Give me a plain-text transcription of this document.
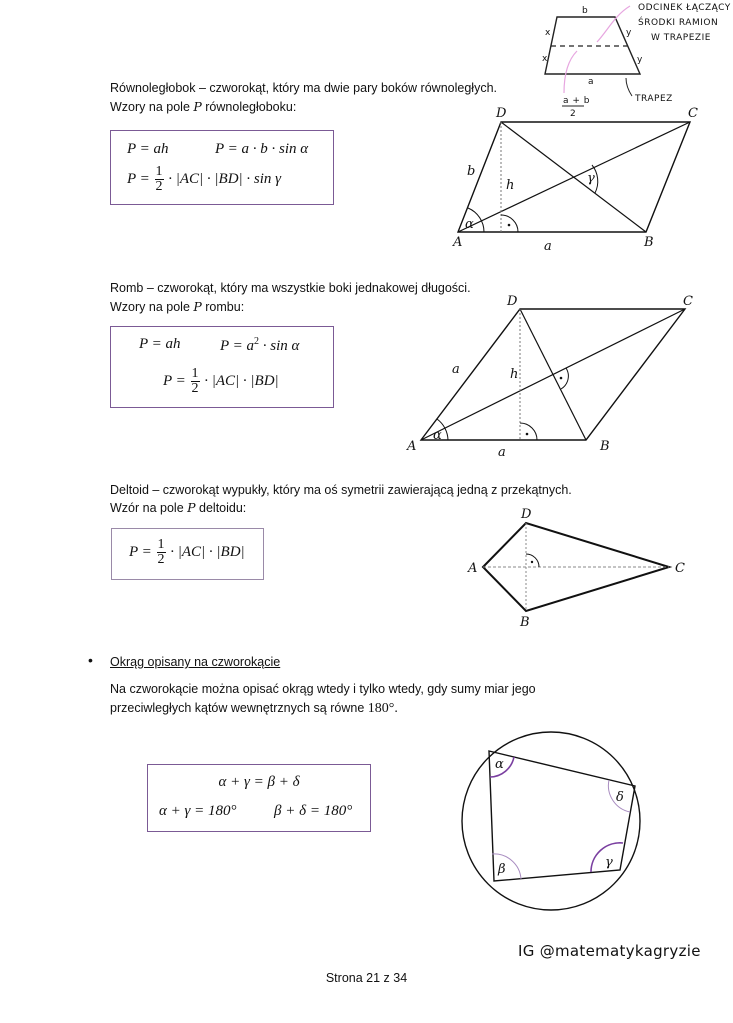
b
a
x
x
y
y
ODCINEK ŁĄCZĄCY
ŚRODKI RAMION
W TRAPEZIE
a + b
2
TRAPEZ
Równoległobok – czworokąt, który ma dwie pary boków równoległych.
Wzory na pole P równoległoboku:
P = ah	P = a · b · sin α
$P = \frac{1}{2} \cdot |AC| \cdot |BD| \cdot \sin \gamma$
D	C
A	B
a
b
h
α
γ
Romb – czworokąt, który ma wszystkie boki jednakowej długości.
Wzory na pole P rombu:
P = ah	$P = a^2 \cdot \sin \alpha$
$P = \frac{1}{2} \cdot |AC| \cdot |BD|$
D	C
A	B
a
a	h
α
Deltoid – czworokąt wypukły, który ma oś symetrii zawierającą jedną z przekątnych.
Wzór na pole P deltoidu:
$P = \frac{1}{2} \cdot |AC| \cdot |BD|$
D
A	C
B
• Okrąg opisany na czworokącie
Na czworokącie można opisać okrąg wtedy i tylko wtedy, gdy sumy miar jego
przeciwległych kątów wewnętrznych są równe 180°.
α + γ = β + δ
α + γ = 180° β + δ = 180°
α
δ
γ
β
IG @matematykagryzie
Strona 21 z 34
